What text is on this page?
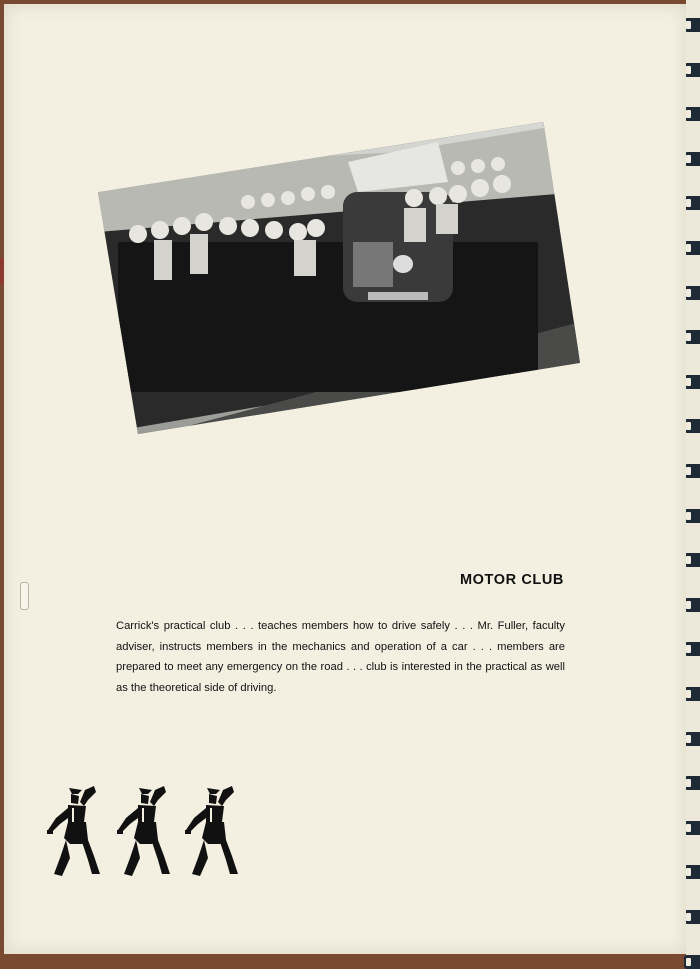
MOTOR CLUB
Carrick's practical club . . . teaches members how to drive safely . . . Mr. Fuller, faculty adviser, instructs members in the mechanics and operation of a car . . . members are prepared to meet any emergency on the road . . . club is interested in the practical as well as the theoretical side of driving.
